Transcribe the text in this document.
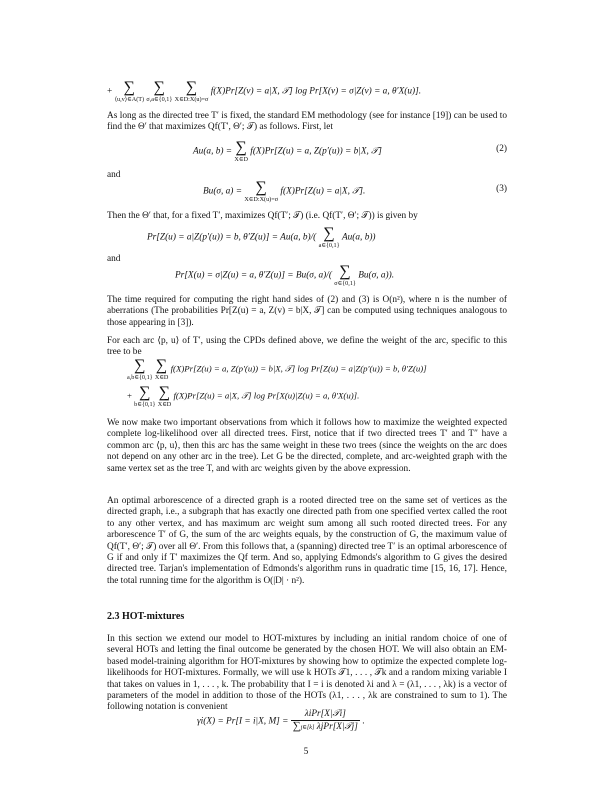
+ ∑
⟨u,v⟩∈A(T)

∑
σ,a∈{0,1}

∑
X∈D:X(u)=σ
f(X)Pr[Z(v) = a|X, 𝒯] log Pr[X(v) = σ|Z(v) = a, θ′X(u)].

As long as the directed tree T′ is fixed, the standard EM methodology (see for instance [19]) can be used to find the Θ′ that maximizes Qf(T′, Θ′; 𝒯) as follows. First, let

Au(a, b) = ∑
X∈D
f(X)Pr[Z(u) = a, Z(p′(u)) = b|X, 𝒯]	(2)

and

Bu(σ, a) = ∑
X∈D:X(u)=σ
f(X)Pr[Z(u) = a|X, 𝒯].	(3)

Then the Θ′ that, for a fixed T′, maximizes Qf(T′; 𝒯) (i.e. Qf(T′, Θ′; 𝒯)) is given by

Pr[Z(u) = a|Z(p′(u)) = b, θ′Z(u)] = Au(a, b)/( ∑
a∈{0,1}
Au(a, b))

and

Pr[X(u) = σ|Z(u) = a, θ′Z(u)] = Bu(σ, a)/( ∑
σ∈{0,1}
Bu(σ, a)).

The time required for computing the right hand sides of (2) and (3) is O(n²), where n is the number of aberrations (The probabilities Pr[Z(u) = a, Z(v) = b|X, 𝒯] can be computed using techniques analogous to those appearing in [3]).

For each arc ⟨p, u⟩ of T′, using the CPDs defined above, we define the weight of the arc, specific to this tree to be

∑
a,b∈{0,1}

∑
X∈D
f(X)Pr[Z(u) = a, Z(p′(u)) = b|X, 𝒯] log Pr[Z(u) = a|Z(p′(u)) = b, θ′Z(u)]
+ ∑
b∈{0,1}

∑
X∈D
f(X)Pr[Z(u) = a|X, 𝒯] log Pr[X(u)|Z(u) = a, θ′X(u)].

We now make two important observations from which it follows how to maximize the weighted expected complete log-likelihood over all directed trees. First, notice that if two directed trees T′ and T″ have a common arc ⟨p, u⟩, then this arc has the same weight in these two trees (since the weights on the arc does not depend on any other arc in the tree). Let G be the directed, complete, and arc-weighted graph with the same vertex set as the tree T, and with arc weights given by the above expression.

An optimal arborescence of a directed graph is a rooted directed tree on the same set of vertices as the directed graph, i.e., a subgraph that has exactly one directed path from one specified vertex called the root to any other vertex, and has maximum arc weight sum among all such rooted directed trees. For any arborescence T′ of G, the sum of the arc weights equals, by the construction of G, the maximum value of Qf(T′, Θ′; 𝒯) over all Θ′. From this follows that, a (spanning) directed tree T′ is an optimal arborescence of G if and only if T′ maximizes the Qf term. And so, applying Edmonds's algorithm to G gives the desired directed tree. Tarjan's implementation of Edmonds's algorithm runs in quadratic time [15, 16, 17]. Hence, the total running time for the algorithm is O(|D| · n²).

2.3 HOT-mixtures

In this section we extend our model to HOT-mixtures by including an initial random choice of one of several HOTs and letting the final outcome be generated by the chosen HOT. We will also obtain an EM-based model-training algorithm for HOT-mixtures by showing how to optimize the expected complete log-likelihoods for HOT-mixtures. Formally, we will use k HOTs 𝒯1, . . . , 𝒯k and a random mixing variable I that takes on values in 1, . . . , k. The probability that I = i is denoted λi and λ = (λ1, . . . , λk) is a vector of parameters of the model in addition to those of the HOTs (λ1, . . . , λk are constrained to sum to 1). The following notation is convenient

γi(X) = Pr[I = i|X, $M] = \frac{\text{λiPr[X|𝒯i]}}{\text{∑j∈[k] λjPr[X|𝒯j]}}$ .
5
